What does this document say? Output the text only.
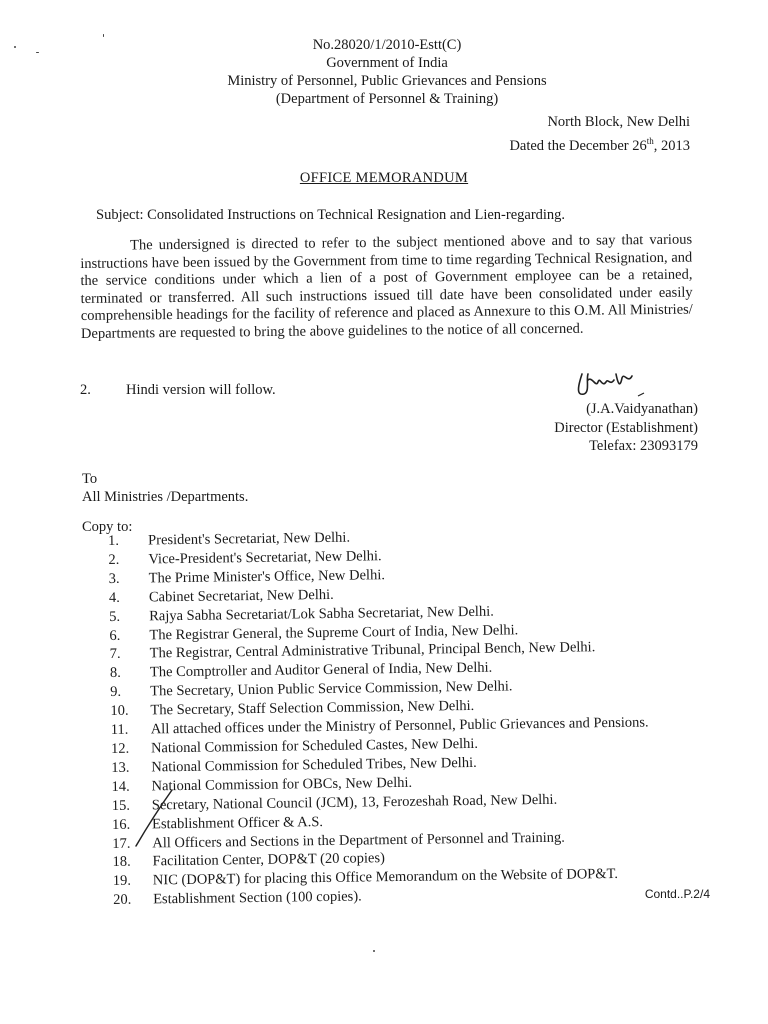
No.28020/1/2010-Estt(C)
Government of India
Ministry of Personnel, Public Grievances and Pensions
(Department of Personnel & Training)
North Block, New Delhi
Dated the December 26th, 2013
OFFICE MEMORANDUM
Subject: Consolidated Instructions on Technical Resignation and Lien-regarding.
The undersigned is directed to refer to the subject mentioned above and to say that various instructions have been issued by the Government from time to time regarding Technical Resignation, and the service conditions under which a lien of a post of Government employee can be a retained, terminated or transferred. All such instructions issued till date have been consolidated under easily comprehensible headings for the facility of reference and placed as Annexure to this O.M. All Ministries/ Departments are requested to bring the above guidelines to the notice of all concerned.
2. Hindi version will follow.
(J.A.Vaidyanathan)
Director (Establishment)
Telefax: 23093179
To
All Ministries /Departments.
Copy to:
1.	President's Secretariat, New Delhi.
2.	Vice-President's Secretariat, New Delhi.
3.	The Prime Minister's Office, New Delhi.
4.	Cabinet Secretariat, New Delhi.
5.	Rajya Sabha Secretariat/Lok Sabha Secretariat, New Delhi.
6.	The Registrar General, the Supreme Court of India, New Delhi.
7.	The Registrar, Central Administrative Tribunal, Principal Bench, New Delhi.
8.	The Comptroller and Auditor General of India, New Delhi.
9.	The Secretary, Union Public Service Commission, New Delhi.
10.	The Secretary, Staff Selection Commission, New Delhi.
11.	All attached offices under the Ministry of Personnel, Public Grievances and Pensions.
12.	National Commission for Scheduled Castes, New Delhi.
13.	National Commission for Scheduled Tribes, New Delhi.
14.	National Commission for OBCs, New Delhi.
15.	Secretary, National Council (JCM), 13, Ferozeshah Road, New Delhi.
16.	Establishment Officer & A.S.
17.	All Officers and Sections in the Department of Personnel and Training.
18.	Facilitation Center, DOP&T (20 copies)
19.	NIC (DOP&T) for placing this Office Memorandum on the Website of DOP&T.
20.	Establishment Section (100 copies).	Contd..P.2/4
